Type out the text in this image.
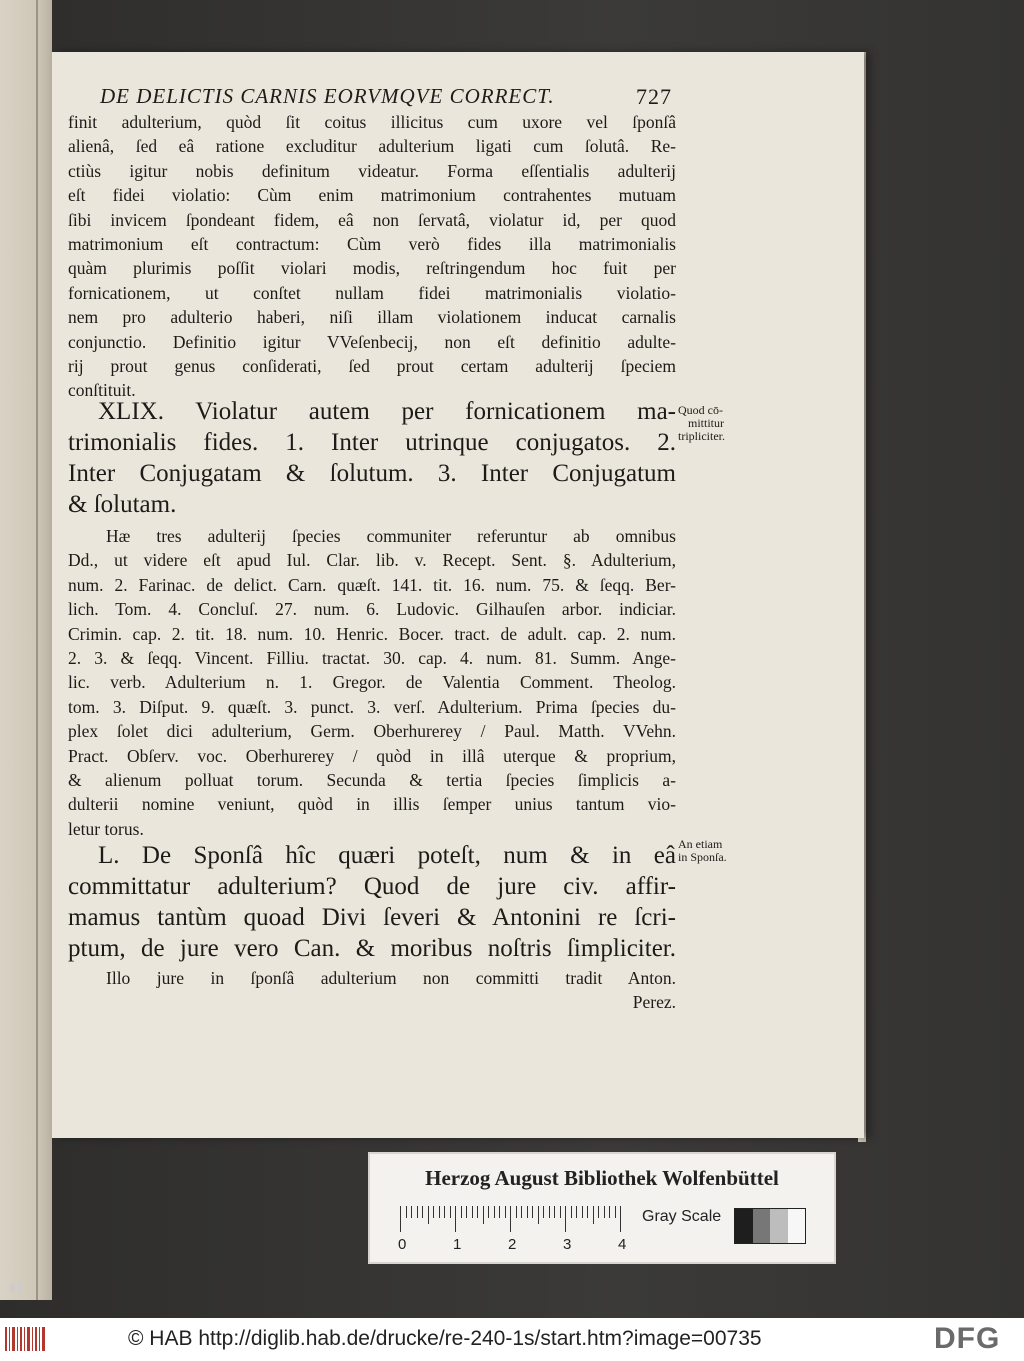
DE DELICTIS CARNIS EORVMQVE CORRECT.	727
finit adulterium, quòd ſit coitus illicitus cum uxore vel ſponſâ
alienâ, ſed eâ ratione excluditur adulterium ligati cum ſolutâ. Re-
ctiùs igitur nobis definitum videatur. Forma eſſentialis adulterij
eſt fidei violatio: Cùm enim matrimonium contrahentes mutuam
ſibi invicem ſpondeant fidem, eâ non ſervatâ, violatur id, per quod
matrimonium eſt contractum: Cùm verò fides illa matrimonialis
quàm plurimis poſſit violari modis, reſtringendum hoc fuit per
fornicationem, ut conſtet nullam fidei matrimonialis violatio-
nem pro adulterio haberi, niſi illam violationem inducat carnalis
conjunctio. Definitio igitur VVeſenbecij, non eſt definitio adulte-
rij prout genus conſiderati, ſed prout certam adulterij ſpeciem
conſtituit.
XLIX. Violatur autem per fornicationem ma-
trimonialis fides. 1. Inter utrinque conjugatos. 2.
Inter Conjugatam & ſolutum. 3. Inter Conjugatum
& ſolutam.
Quod cō-
mittitur
tripliciter.
Hæ tres adulterij ſpecies communiter referuntur ab omnibus
Dd., ut videre eſt apud Iul. Clar. lib. v. Recept. Sent. §. Adulterium,
num. 2. Farinac. de delict. Carn. quæſt. 141. tit. 16. num. 75. & ſeqq. Ber-
lich. Tom. 4. Concluſ. 27. num. 6. Ludovic. Gilhauſen arbor. indiciar.
Crimin. cap. 2. tit. 18. num. 10. Henric. Bocer. tract. de adult. cap. 2. num.
2. 3. & ſeqq. Vincent. Filliu. tractat. 30. cap. 4. num. 81. Summ. Ange-
lic. verb. Adulterium n. 1. Gregor. de Valentia Comment. Theolog.
tom. 3. Diſput. 9. quæſt. 3. punct. 3. verſ. Adulterium. Prima ſpecies du-
plex ſolet dici adulterium, Germ. Oberhurerey / Paul. Matth. VVehn.
Pract. Obſerv. voc. Oberhurerey / quòd in illâ uterque & proprium,
& alienum polluat torum. Secunda & tertia ſpecies ſimplicis a-
dulterii nomine veniunt, quòd in illis ſemper unius tantum vio-
letur torus.
L. De Sponſâ hîc quæri poteſt, num & in eâ
committatur adulterium? Quod de jure civ. affir-
mamus tantùm quoad Divi ſeveri & Antonini re ſcri-
ptum, de jure vero Can. & moribus noſtris ſimpliciter.
An etiam
in Sponſa.
Illo jure in ſponſâ adulterium non committi tradit Anton.
Perez.
Herzog August Bibliothek Wolfenbüttel
0	1	2	3	4
Gray Scale
▮▮
© HAB http://diglib.hab.de/drucke/re-240-1s/start.htm?image=00735	DFG
